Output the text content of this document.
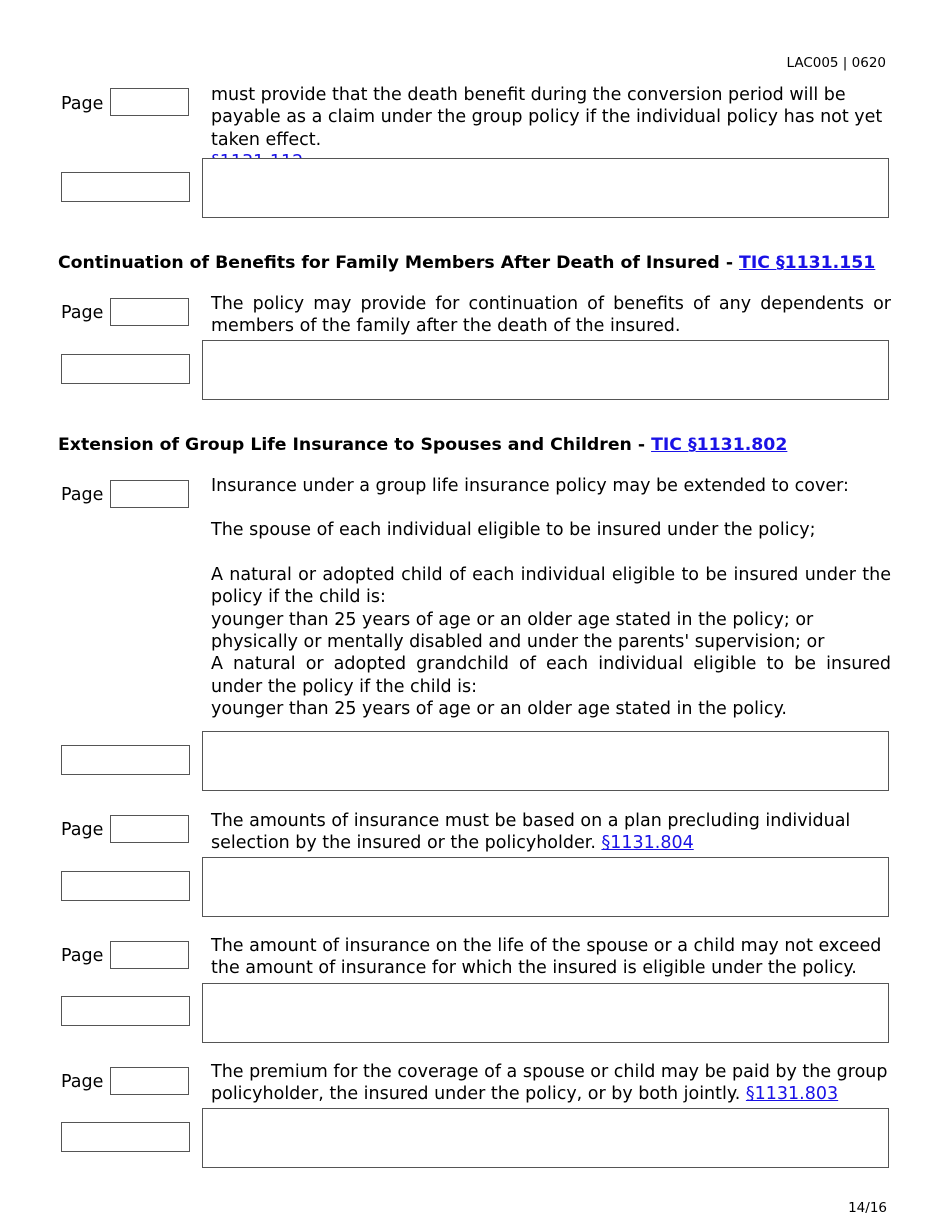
LAC005 | 0620
Page	must provide that the death benefit during the conversion period will be payable as a claim under the group policy if the individual policy has not yet taken effect.

Continuation of Benefits for Family Members After Death of Insured - TIC §1131.151
Page	The policy may provide for continuation of benefits of any dependents or members of the family after the death of the insured.
Extension of Group Life Insurance to Spouses and Children - TIC §1131.802
Page	Insurance under a group life insurance policy may be extended to cover:

The spouse of each individual eligible to be insured under the policy;

A natural or adopted child of each individual eligible to be insured under the policy if the child is:

younger than 25 years of age or an older age stated in the policy; or

physically or mentally disabled and under the parents' supervision; or

A natural or adopted grandchild of each individual eligible to be insured under the policy if the child is:

younger than 25 years of age or an older age stated in the policy.

Page	The amounts of insurance must be based on a plan precluding individual selection by the insured or the policyholder. §1131.804
Page	The amount of insurance on the life of the spouse or a child may not exceed the amount of insurance for which the insured is eligible under the policy.
Page	The premium for the coverage of a spouse or child may be paid by the group policyholder, the insured under the policy, or by both jointly. §1131.803
14/16
